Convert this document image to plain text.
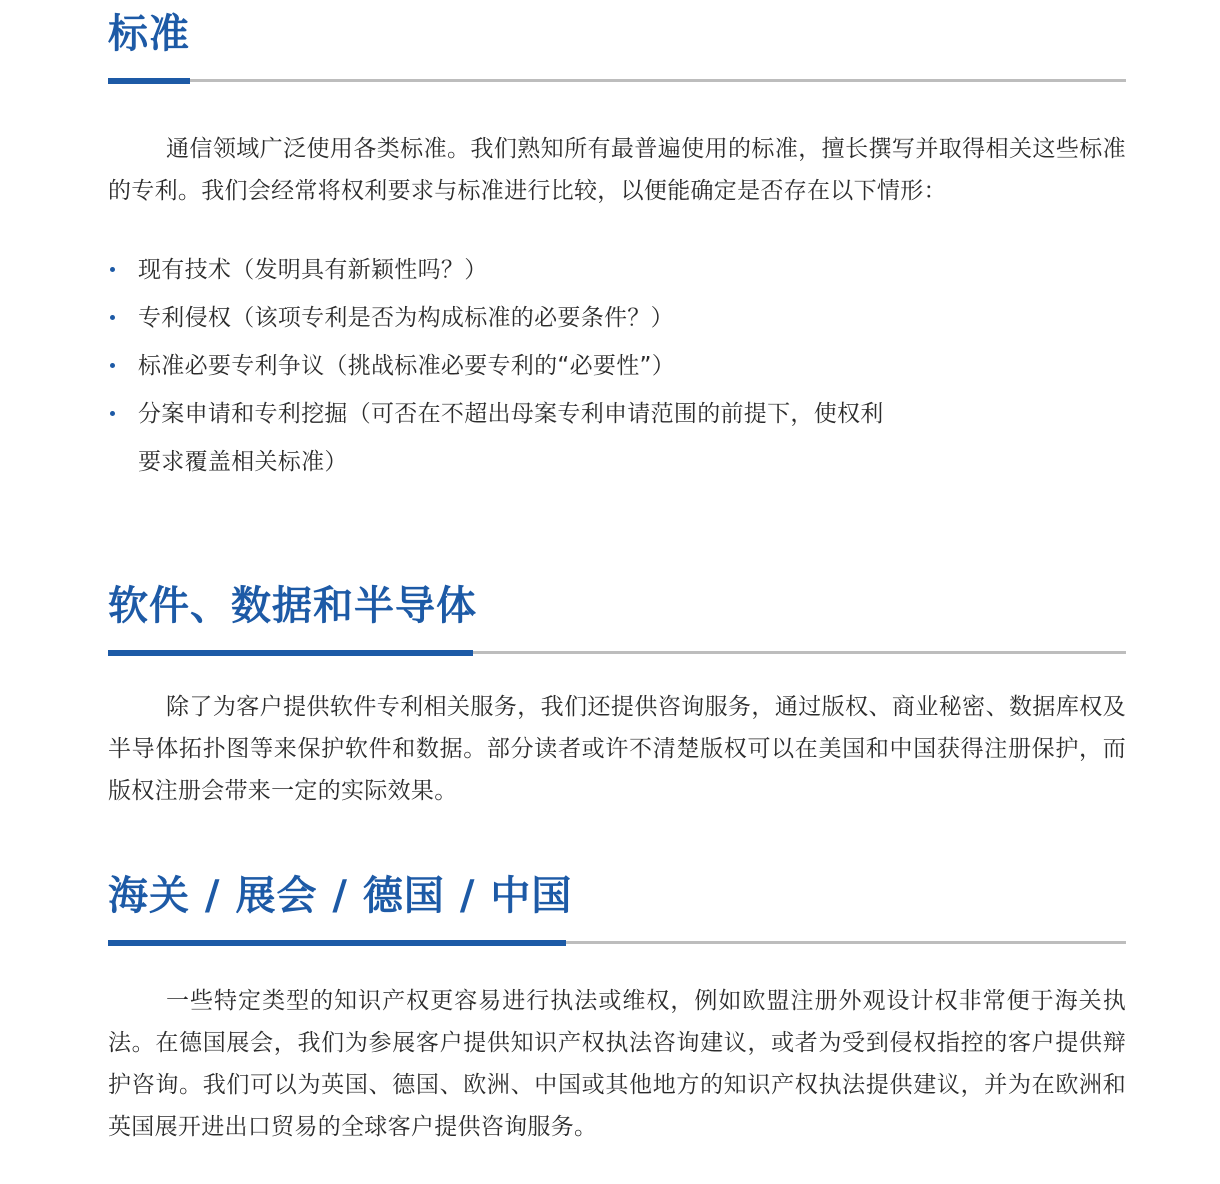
标准

通信领域广泛使用各类标准。我们熟知所有最普遍使用的标准，擅长撰写并取得相关这些标准的专利。我们会经常将权利要求与标准进行比较，以便能确定是否存在以下情形：

现有技术（发明具有新颖性吗？）
专利侵权（该项专利是否为构成标准的必要条件？）
标准必要专利争议（挑战标准必要专利的“必要性”）
分案申请和专利挖掘（可否在不超出母案专利申请范围的前提下，使权利
要求覆盖相关标准）
软件、数据和半导体

除了为客户提供软件专利相关服务，我们还提供咨询服务，通过版权、商业秘密、数据库权及半导体拓扑图等来保护软件和数据。部分读者或许不清楚版权可以在美国和中国获得注册保护，而版权注册会带来一定的实际效果。

海关 / 展会 / 德国 / 中国

一些特定类型的知识产权更容易进行执法或维权，例如欧盟注册外观设计权非常便于海关执法。在德国展会，我们为参展客户提供知识产权执法咨询建议，或者为受到侵权指控的客户提供辩护咨询。我们可以为英国、德国、欧洲、中国或其他地方的知识产权执法提供建议，并为在欧洲和英国展开进出口贸易的全球客户提供咨询服务。
